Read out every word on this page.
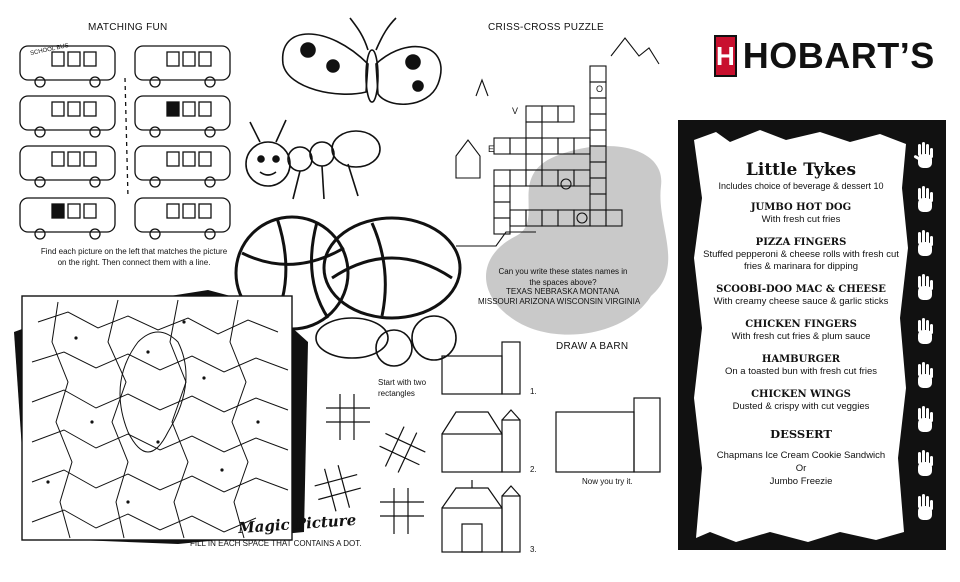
MATCHING FUN
SCHOOL BUS
Find each picture on the left that matches the picture on the right. Then connect them with a line.
CRISS-CROSS PUZZLE
V
O
E
Can you write these states names in the spaces above?
TEXAS NEBRASKA MONTANA
MISSOURI ARIZONA WISCONSIN VIRGINIA
Magic Picture
FILL IN EACH SPACE THAT CONTAINS A DOT.
Start with two rectangles
DRAW A BARN
1.
2.
3.
Now you try it.
H HOBART’S

Little Tykes

Includes choice of beverage & dessert 10

JUMBO HOT DOG

With fresh cut fries

PIZZA FINGERS

Stuffed pepperoni & cheese rolls with fresh cut fries & marinara for dipping

SCOOBI-DOO MAC & CHEESE

With creamy cheese sauce & garlic sticks

CHICKEN FINGERS

With fresh cut fries & plum sauce

HAMBURGER

On a toasted bun with fresh cut fries

CHICKEN WINGS

Dusted & crispy with cut veggies

DESSERT

Chapmans Ice Cream Cookie Sandwich

Or

Jumbo Freezie
